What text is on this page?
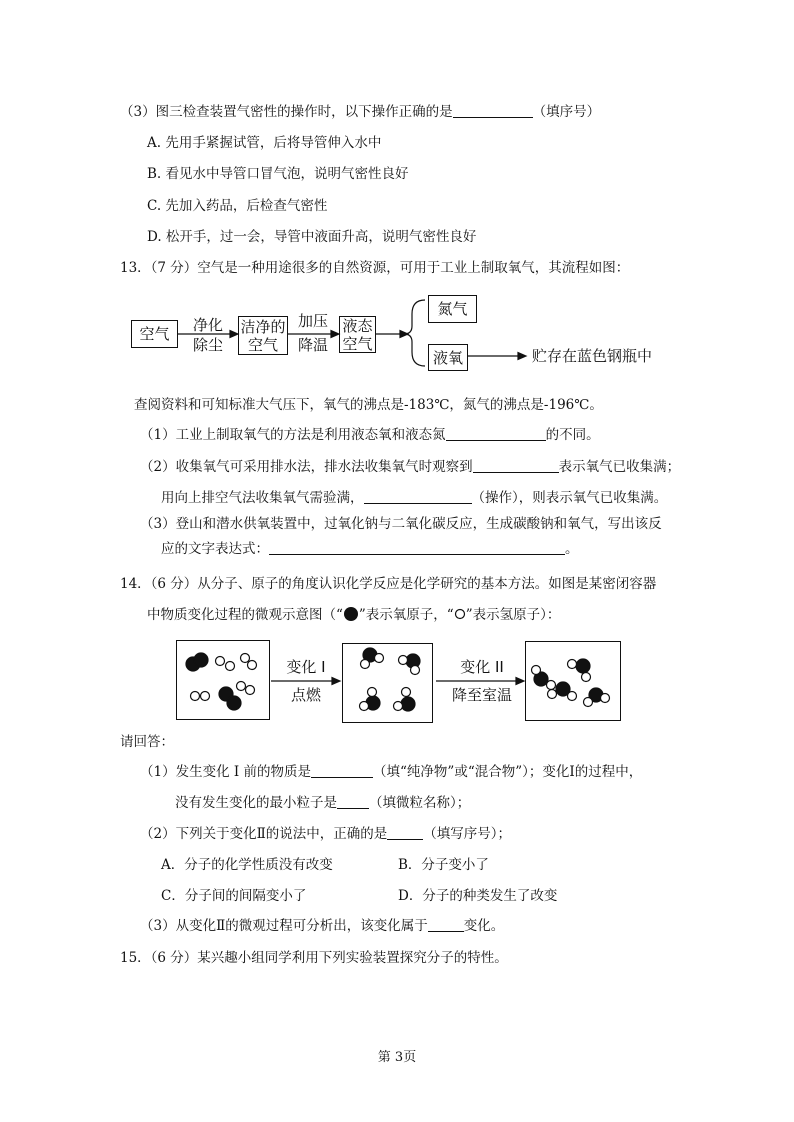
（3）图三检查装置气密性的操作时，以下操作正确的是	（填序号）
A. 先用手紧握试管，后将导管伸入水中
B. 看见水中导管口冒气泡，说明气密性良好
C. 先加入药品，后检查气密性
D. 松开手，过一会，导管中液面升高，说明气密性良好
13．（7 分）空气是一种用途很多的自然资源，可用于工业上制取氧气，其流程如图：
空气	净化
除尘
洁净的
空气
加压
降温
液态
空气
氮气
液氧	贮存在蓝色钢瓶中
查阅资料和可知标准大气压下，氧气的沸点是-183℃，氮气的沸点是-196℃。
（1）工业上制取氧气的方法是利用液态氧和液态氮	的不同。
（2）收集氧气可采用排水法，排水法收集氧气时观察到	表示氧气已收集满；
用向上排空气法收集氧气需验满，	（操作），则表示氧气已收集满。
（3）登山和潜水供氧装置中，过氧化钠与二氧化碳反应，生成碳酸钠和氧气，写出该反
应的文字表达式：	。
14．（6 分）从分子、原子的角度认识化学反应是化学研究的基本方法。如图是某密闭容器
中物质变化过程的微观示意图（“ ”表示氧原子，“ ”表示氢原子）：
变化 I
点燃
变化 II
降至室温
请回答：
（1）发生变化 I 前的物质是	（填“纯净物”或“混合物”）；变化Ⅰ的过程中，
没有发生变化的最小粒子是 （填微粒名称）；
（2）下列关于变化Ⅱ的说法中，正确的是	（填写序号）；
A．分子的化学性质没有改变	B．分子变小了
C．分子间的间隔变小了	D．分子的种类发生了改变
（3）从变化Ⅱ的微观过程可分析出，该变化属于	变化。
15．（6 分）某兴趣小组同学利用下列实验装置探究分子的特性。
第 3页
